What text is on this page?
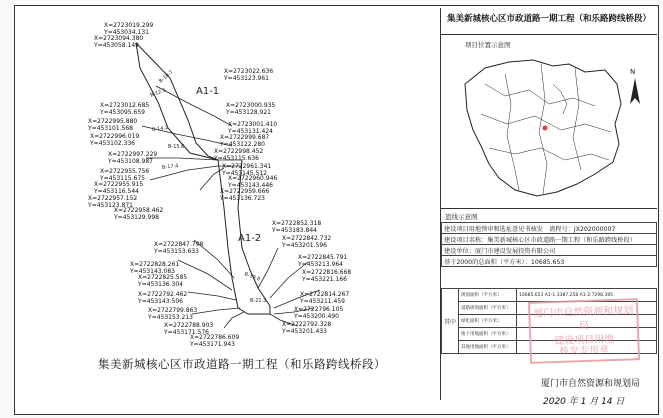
A1-1
A1-2
B-10.7
B-12.5
B-14.2
B-15.6
B-17.4
B-19.8
B-21.3
X=2723019.299
Y=453034.131
X=2723094.380
Y=453058.149
X=2723022.636
Y=453123.961
X=2723012.685
Y=453095.659
X=2723000.935
Y=453128.921
X=2722995.880
Y=453101.568
X=2723001.410
Y=453131.424
X=2722996.019
Y=453102.336
X=2722999.687
Y=453122.280
X=2722997.229
Y=453108.987
X=2722998.452
Y=453115.636
X=2722961.341
Y=453145.512
X=2722955.756
Y=453115.675	X=2722960.946
Y=453143.446
X=2722955.915
Y=453116.544	X=2722959.666
Y=453136.723
X=2722957.152
Y=453123.871
X=2722958.462
Y=453129.998
X=2722852.318
Y=453183.844
X=2722842.732
Y=453201.596
X=2722847.798
Y=453153.633
X=2722845.791
Y=453213.964
X=2722828.261
Y=453143.083	X=2722816.668
Y=453221.166
X=2722825.585
Y=453136.304
X=2722814.267
Y=453211.459
X=2722792.462
Y=453143.506
X=2722796.105
Y=453200.490
X=2722799.863
Y=453153.213
X=2722792.328
Y=453201.433
X=2722788.903
Y=453171.576
X=2722786.609
Y=453171.943
集美新城核心区市政道路一期工程（和乐路跨线桥段）
集美新城核心区市政道路一期工程（和乐路跨线桥段）
项目位置示意图
N
篮线示意图
建设项目用地预审和选址意见书核发　 流程号：JX202000007
建设项目名称：集美新城核心区市政道路一期工程（和乐路跨线桥段）
建设单位：厦门市建设发展投资有限公司
基于2000的总面积（平方米）：10685.653
其中	规划面积（平方米）	10685.653 A1-1:3387.258 A1-2:7298.395
	道路规划面积（平方米）	
	绿化面积（平方米）	
	地下用地面积（平方米）	
	其他用地面积（平方米）	
厦门市自然资源和规划局
建设项目用地
核发专用章
厦门市自然资源和规划局
2020 年 1 月 14 日
